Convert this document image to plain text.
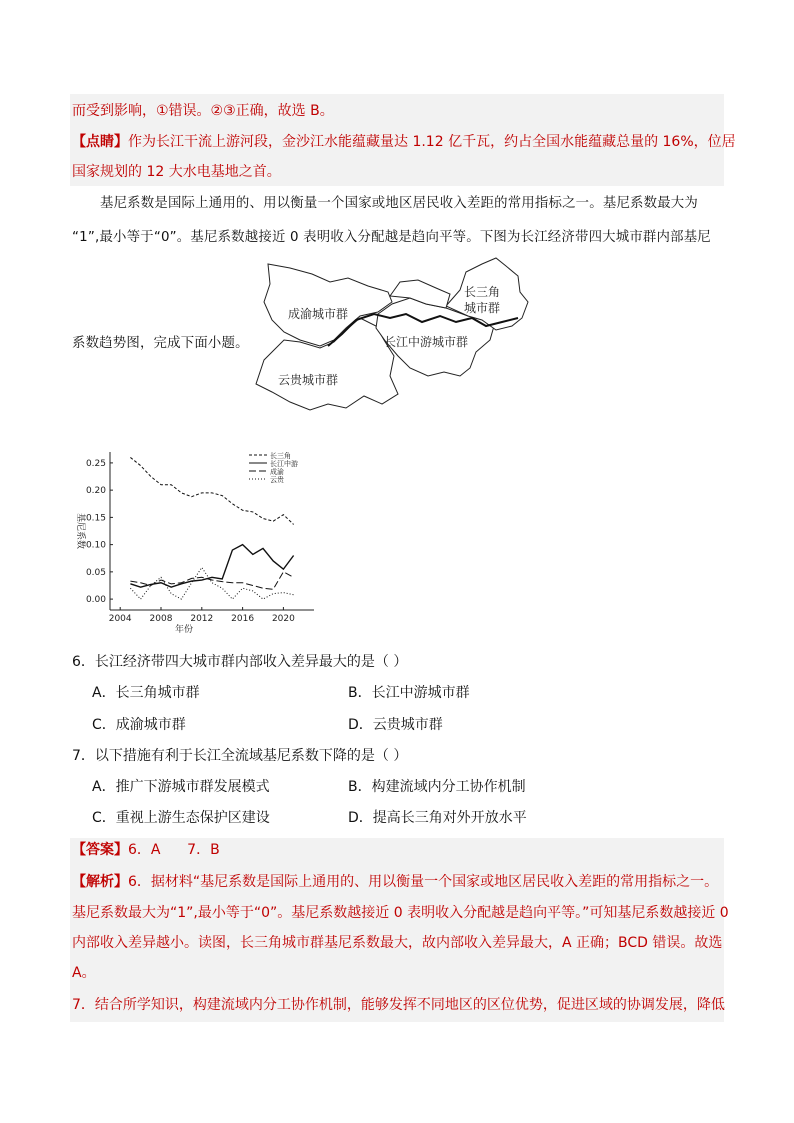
而受到影响，①错误。②③正确，故选 B。
【点睛】作为长江干流上游河段，金沙江水能蕴藏量达 1.12 亿千瓦，约占全国水能蕴藏总量的 16%，位居
国家规划的 12 大水电基地之首。
基尼系数是国际上通用的、用以衡量一个国家或地区居民收入差距的常用指标之一。基尼系数最大为
“1”,最小等于“0”。基尼系数越接近 0 表明收入分配越是趋向平等。下图为长江经济带四大城市群内部基尼
系数趋势图，完成下面小题。
成渝城市群
长三角
城市群
长江中游城市群
云贵城市群
0.25
0.20
0.15
0.10
0.05
0.00
2004 2008 2012 2016 2020
年份
基尼系数
长三角
长江中游
成渝
云贵
6．长江经济带四大城市群内部收入差异最大的是（ ）
A．长三角城市群	B．长江中游城市群
C．成渝城市群	D．云贵城市群
7．以下措施有利于长江全流域基尼系数下降的是（ ）
A．推广下游城市群发展模式	B．构建流域内分工协作机制
C．重视上游生态保护区建设	D．提高长三角对外开放水平
【答案】6．A      7．B
【解析】6．据材料“基尼系数是国际上通用的、用以衡量一个国家或地区居民收入差距的常用指标之一。
基尼系数最大为“1”,最小等于“0”。基尼系数越接近 0 表明收入分配越是趋向平等。”可知基尼系数越接近 0
内部收入差异越小。读图，长三角城市群基尼系数最大，故内部收入差异最大，A 正确；BCD 错误。故选
A。
7．结合所学知识，构建流域内分工协作机制，能够发挥不同地区的区位优势，促进区域的协调发展，降低
